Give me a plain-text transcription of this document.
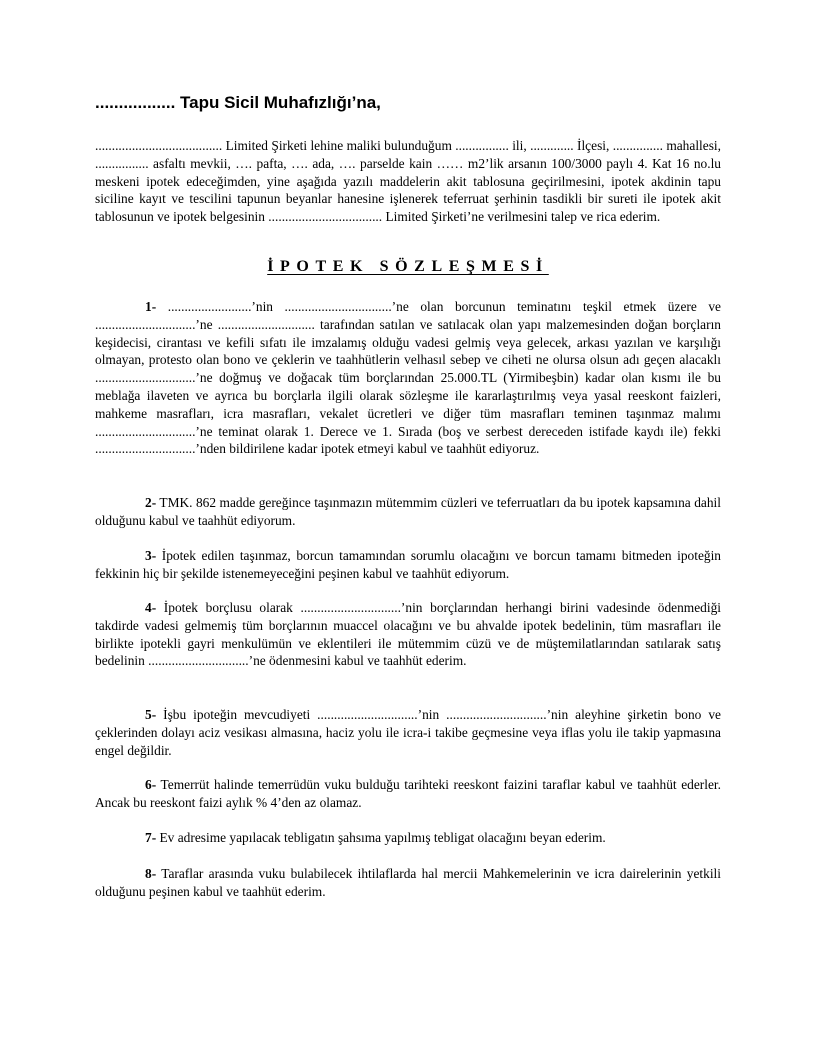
................. Tapu Sicil Muhafızlığı’na,

...................................... Limited Şirketi lehine maliki bulunduğum ................ ili, ............. İlçesi, ............... mahallesi, ................ asfaltı mevkii, …. pafta, …. ada, …. parselde kain …… m2’lik arsanın 100/3000 paylı 4. Kat 16 no.lu meskeni ipotek edeceğimden, yine aşağıda yazılı maddelerin akit tablosuna geçirilmesini, ipotek akdinin tapu siciline kayıt ve tescilini tapunun beyanlar hanesine işlenerek teferruat şerhinin tasdikli bir sureti ile ipotek akit tablosunun ve ipotek belgesinin .................................. Limited Şirketi’ne verilmesini talep ve rica ederim.

İPOTEK SÖZLEŞMESİ

1- .........................’nin ................................’ne olan borcunun teminatını teşkil etmek üzere ve ..............................’ne ............................. tarafından satılan ve satılacak olan yapı malzemesinden doğan borçların keşidecisi, cirantası ve kefili sıfatı ile imzalamış olduğu vadesi gelmiş veya gelecek, arkası yazılan ve karşılığı olmayan, protesto olan bono ve çeklerin ve taahhütlerin velhasıl sebep ve ciheti ne olursa olsun adı geçen alacaklı ..............................’ne doğmuş ve doğacak tüm borçlarından 25.000.TL (Yirmibeşbin) kadar olan kısmı ile bu meblağa ilaveten ve ayrıca bu borçlarla ilgili olarak sözleşme ile kararlaştırılmış veya yasal reeskont faizleri, mahkeme masrafları, icra masrafları, vekalet ücretleri ve diğer tüm masrafları teminen taşınmaz malımı ..............................’ne teminat olarak 1. Derece ve 1. Sırada (boş ve serbest dereceden istifade kaydı ile) fekki ..............................’nden bildirilene kadar ipotek etmeyi kabul ve taahhüt ediyoruz.

2- TMK. 862 madde gereğince taşınmazın mütemmim cüzleri ve teferruatları da bu ipotek kapsamına dahil olduğunu kabul ve taahhüt ediyorum.

3- İpotek edilen taşınmaz, borcun tamamından sorumlu olacağını ve borcun tamamı bitmeden ipoteğin fekkinin hiç bir şekilde istenemeyeceğini peşinen kabul ve taahhüt ediyorum.

4- İpotek borçlusu olarak ..............................’nin borçlarından herhangi birini vadesinde ödenmediği takdirde vadesi gelmemiş tüm borçlarının muaccel olacağını ve bu ahvalde ipotek bedelinin, tüm masrafları ile birlikte ipotekli gayri menkulümün ve eklentileri ile mütemmim cüzü ve de müştemilatlarından satılarak satış bedelinin ..............................’ne ödenmesini kabul ve taahhüt ederim.

5- İşbu ipoteğin mevcudiyeti ..............................’nin ..............................’nin aleyhine şirketin bono ve çeklerinden dolayı aciz vesikası almasına, haciz yolu ile icra-i takibe geçmesine veya iflas yolu ile takip yapmasına engel değildir.

6- Temerrüt halinde temerrüdün vuku bulduğu tarihteki reeskont faizini taraflar kabul ve taahhüt ederler. Ancak bu reeskont faizi aylık % 4’den az olamaz.

7- Ev adresime yapılacak tebligatın şahsıma yapılmış tebligat olacağını beyan ederim.

8- Taraflar arasında vuku bulabilecek ihtilaflarda hal mercii Mahkemelerinin ve icra dairelerinin yetkili olduğunu peşinen kabul ve taahhüt ederim.
